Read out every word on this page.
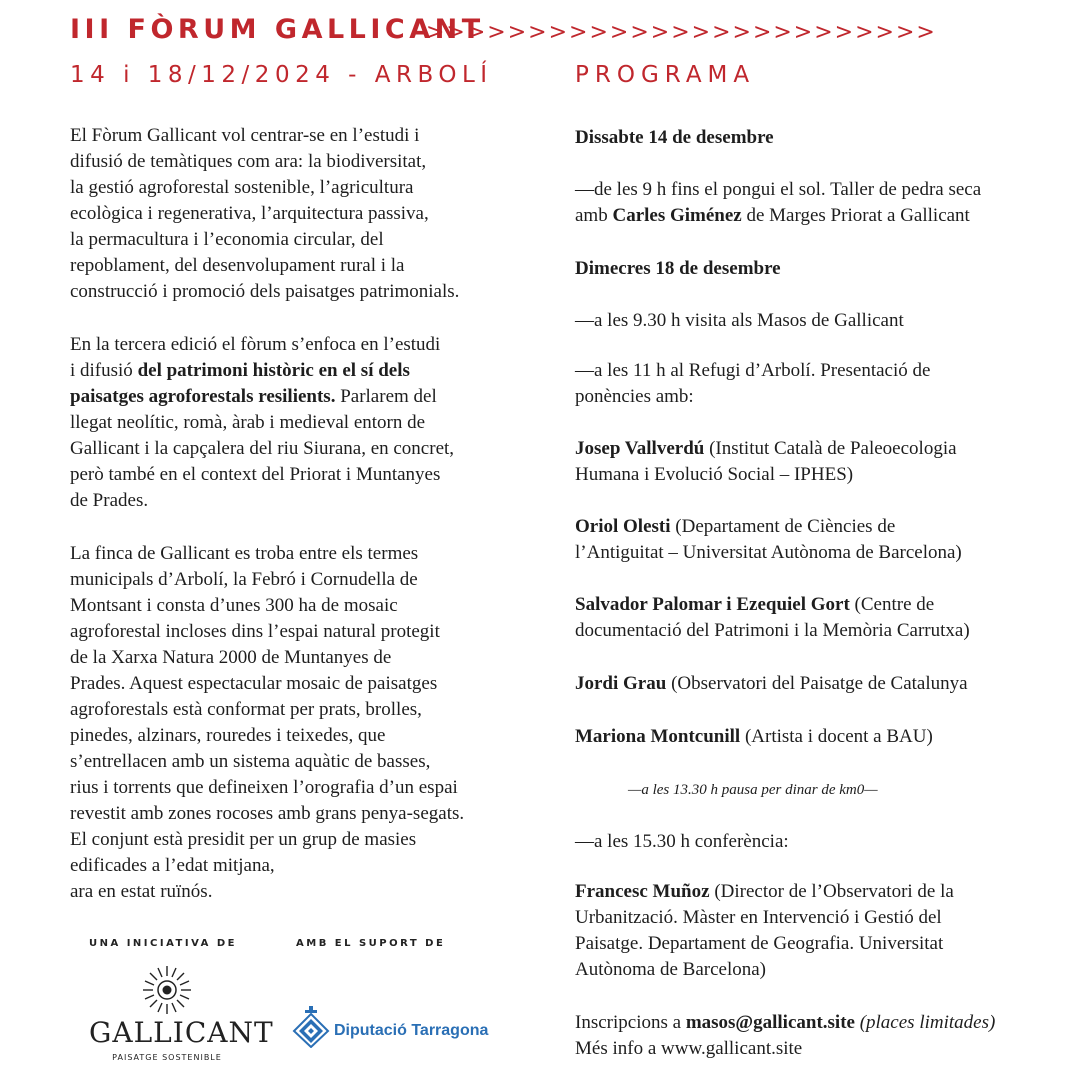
III FÒRUM GALLICANT
>>>>>>>>>>>>>>>>>>>>>>>>>
14 i 18/12/2024 - ARBOLÍ	PROGRAMA

El Fòrum Gallicant vol centrar-se en l’estudi i

difusió de temàtiques com ara: la biodiversitat,

la gestió agroforestal sostenible, l’agricultura

ecològica i regenerativa, l’arquitectura passiva,

la permacultura i l’economia circular, del

repoblament, del desenvolupament rural i la

construcció i promoció dels paisatges patrimonials.

En la tercera edició el fòrum s’enfoca en l’estudi

i difusió del patrimoni històric en el sí dels

paisatges agroforestals resilients. Parlarem del

llegat neolític, romà, àrab i medieval entorn de

Gallicant i la capçalera del riu Siurana, en concret,

però també en el context del Priorat i Muntanyes

de Prades.

La finca de Gallicant es troba entre els termes

municipals d’Arbolí, la Febró i Cornudella de

Montsant i consta d’unes 300 ha de mosaic

agroforestal incloses dins l’espai natural protegit

de la Xarxa Natura 2000 de Muntanyes de

Prades. Aquest espectacular mosaic de paisatges

agroforestals està conformat per prats, brolles,

pinedes, alzinars, rouredes i teixedes, que

s’entrellacen amb un sistema aquàtic de basses,

rius i torrents que defineixen l’orografia d’un espai

revestit amb zones rocoses amb grans penya-segats.

El conjunt està presidit per un grup de masies

edificades a l’edat mitjana,

ara en estat ruïnós.

UNA INICIATIVA DE	AMB EL SUPORT DE
GALLICANT
PAISATGE SOSTENIBLE
Diputació Tarragona
Dissabte 14 de desembre

—de les 9 h fins el pongui el sol. Taller de pedra seca

amb Carles Giménez de Marges Priorat a Gallicant

Dimecres 18 de desembre
—a les 9.30 h visita als Masos de Gallicant

—a les 11 h al Refugi d’Arbolí. Presentació de

ponències amb:

Josep Vallverdú (Institut Català de Paleoecologia

Humana i Evolució Social – IPHES)

Oriol Olesti (Departament de Ciències de

l’Antiguitat – Universitat Autònoma de Barcelona)

Salvador Palomar i Ezequiel Gort (Centre de

documentació del Patrimoni i la Memòria Carrutxa)

Jordi Grau (Observatori del Paisatge de Catalunya

Mariona Montcunill (Artista i docent a BAU)

—a les 13.30 h pausa per dinar de km0—
—a les 15.30 h conferència:

Francesc Muñoz (Director de l’Observatori de la

Urbanització. Màster en Intervenció i Gestió del

Paisatge. Departament de Geografia. Universitat

Autònoma de Barcelona)

Inscripcions a masos@gallicant.site (places limitades)

Més info a www.gallicant.site
